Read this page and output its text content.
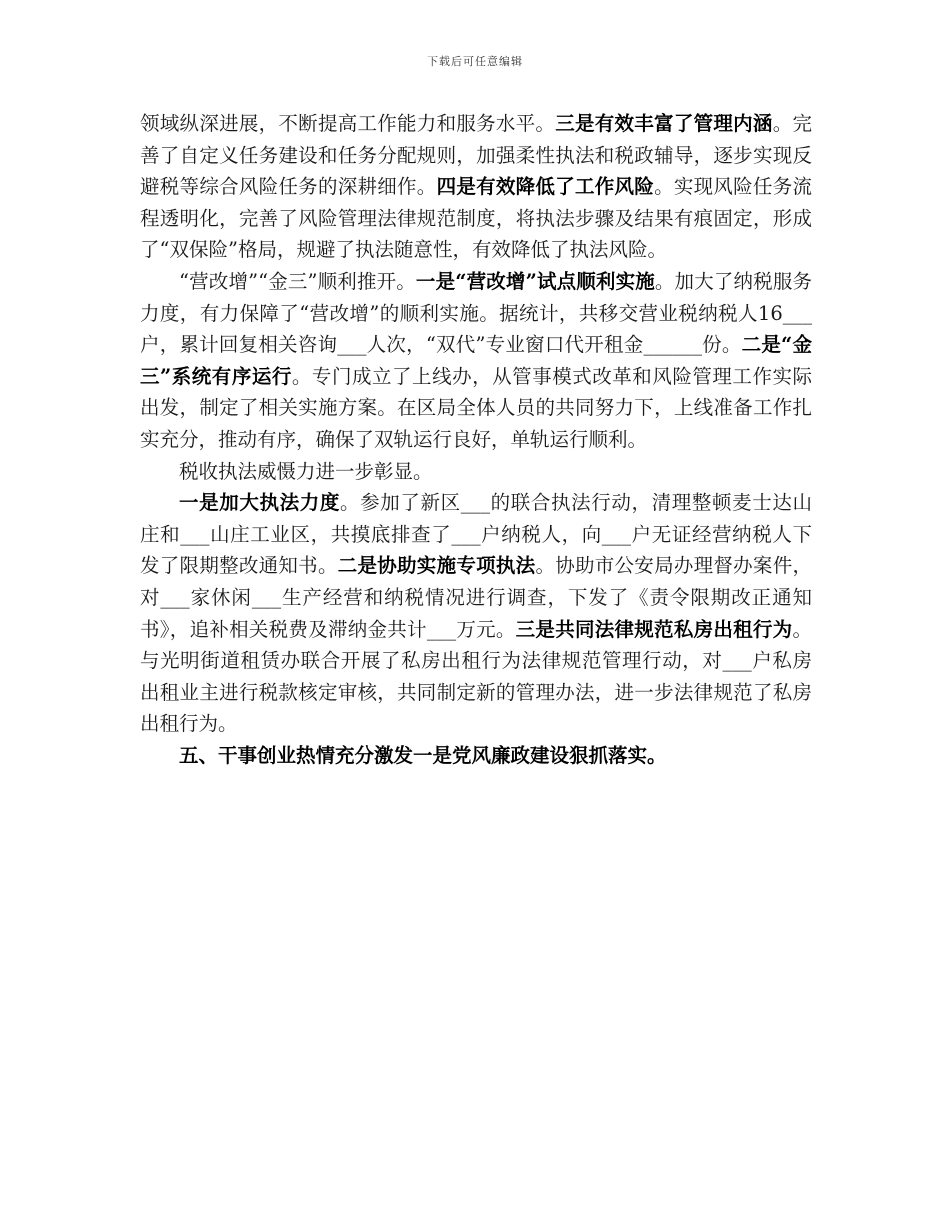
下载后可任意编辑

领域纵深进展，不断提高工作能力和服务水平。三是有效丰富了管理内涵。完善了自定义任务建设和任务分配规则，加强柔性执法和税政辅导，逐步实现反避税等综合风险任务的深耕细作。四是有效降低了工作风险。实现风险任务流程透明化，完善了风险管理法律规范制度，将执法步骤及结果有痕固定，形成了“双保险”格局，规避了执法随意性，有效降低了执法风险。

“营改增”“金三”顺利推开。一是“营改增”试点顺利实施。加大了纳税服务力度，有力保障了“营改增”的顺利实施。据统计，共移交营业税纳税人16___户，累计回复相关咨询___人次，“双代”专业窗口代开租金______份。二是“金三”系统有序运行。专门成立了上线办，从管事模式改革和风险管理工作实际出发，制定了相关实施方案。在区局全体人员的共同努力下，上线准备工作扎实充分，推动有序，确保了双轨运行良好，单轨运行顺利。

税收执法威慑力进一步彰显。

一是加大执法力度。参加了新区___的联合执法行动，清理整顿麦士达山庄和___山庄工业区，共摸底排查了___户纳税人，向___户无证经营纳税人下发了限期整改通知书。二是协助实施专项执法。协助市公安局办理督办案件，对___家休闲___生产经营和纳税情况进行调查，下发了《责令限期改正通知书》，追补相关税费及滞纳金共计___万元。三是共同法律规范私房出租行为。与光明街道租赁办联合开展了私房出租行为法律规范管理行动，对___户私房出租业主进行税款核定审核，共同制定新的管理办法，进一步法律规范了私房出租行为。

五、干事创业热情充分激发一是党风廉政建设狠抓落实。
